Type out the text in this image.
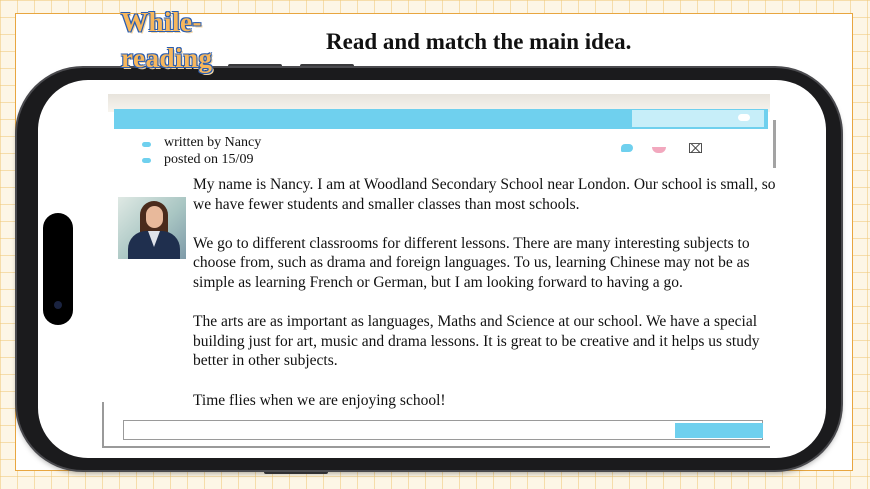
While-reading
Read and match the main idea.
written by Nancy
posted on 15/09
⌧

My name is Nancy. I am at Woodland Secondary School near London. Our school is small, so we have fewer students and smaller classes than most schools.

We go to different classrooms for different lessons. There are many interesting subjects to choose from, such as drama and foreign languages. To us, learning Chinese may not be as simple as learning French or German, but I am looking forward to having a go.

The arts are as important as languages, Maths and Science at our school. We have a special building just for art, music and drama lessons. It is great to be creative and it helps us study better in other subjects.

Time flies when we are enjoying school!
